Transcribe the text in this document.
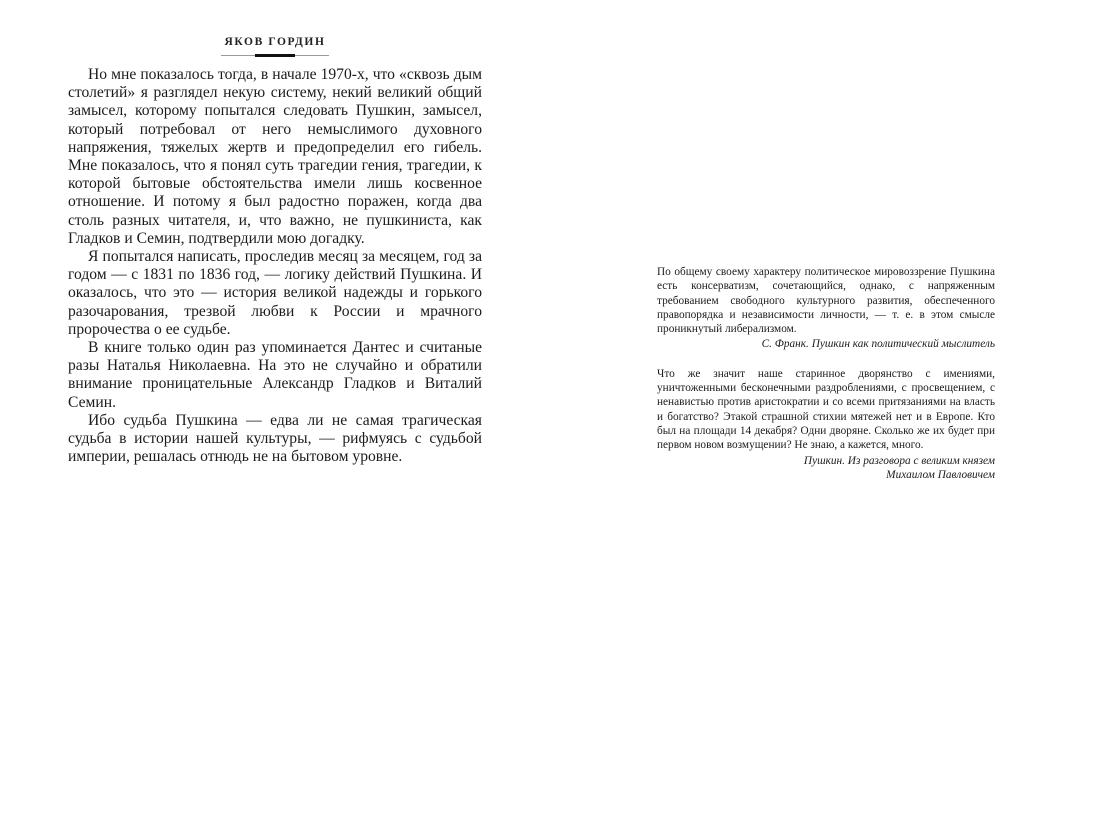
ЯКОВ ГОРДИН

Но мне показалось тогда, в начале 1970-х, что «сквозь дым столетий» я разглядел некую систему, некий великий общий замысел, которому попытался следовать Пушкин, замысел, который потребовал от него немыслимого духовного напряжения, тяжелых жертв и предопределил его гибель. Мне показалось, что я понял суть трагедии гения, трагедии, к которой бытовые обстоятельства имели лишь косвенное отношение. И потому я был радостно поражен, когда два столь разных читателя, и, что важно, не пушкиниста, как Гладков и Семин, подтвердили мою догадку.

Я попытался написать, проследив месяц за месяцем, год за годом — с 1831 по 1836 год, — логику действий Пушкина. И оказалось, что это — история великой надежды и горького разочарования, трезвой любви к России и мрачного пророчества о ее судьбе.

В книге только один раз упоминается Дантес и считаные разы Наталья Николаевна. На это не случайно и обратили внимание проницательные Александр Гладков и Виталий Семин.

Ибо судьба Пушкина — едва ли не самая трагическая судьба в истории нашей культуры, — рифмуясь с судьбой империи, решалась отнюдь не на бытовом уровне.

По общему своему характеру политическое мировоззрение Пушкина есть консерватизм, сочетающийся, однако, с напряженным требованием свободного культурного развития, обеспеченного правопорядка и независимости личности, — т. е. в этом смысле проникнутый либерализмом.

С. Франк. Пушкин как политический мыслитель

Что же значит наше старинное дворянство с имениями, уничтоженными бесконечными раздроблениями, с просвещением, с ненавистью против аристократии и со всеми притязаниями на власть и богатство? Этакой страшной стихии мятежей нет и в Европе. Кто был на площади 14 декабря? Одни дворяне. Сколько же их будет при первом новом возмущении? Не знаю, а кажется, много.

Пушкин. Из разговора с великим князем

Михаилом Павловичем
